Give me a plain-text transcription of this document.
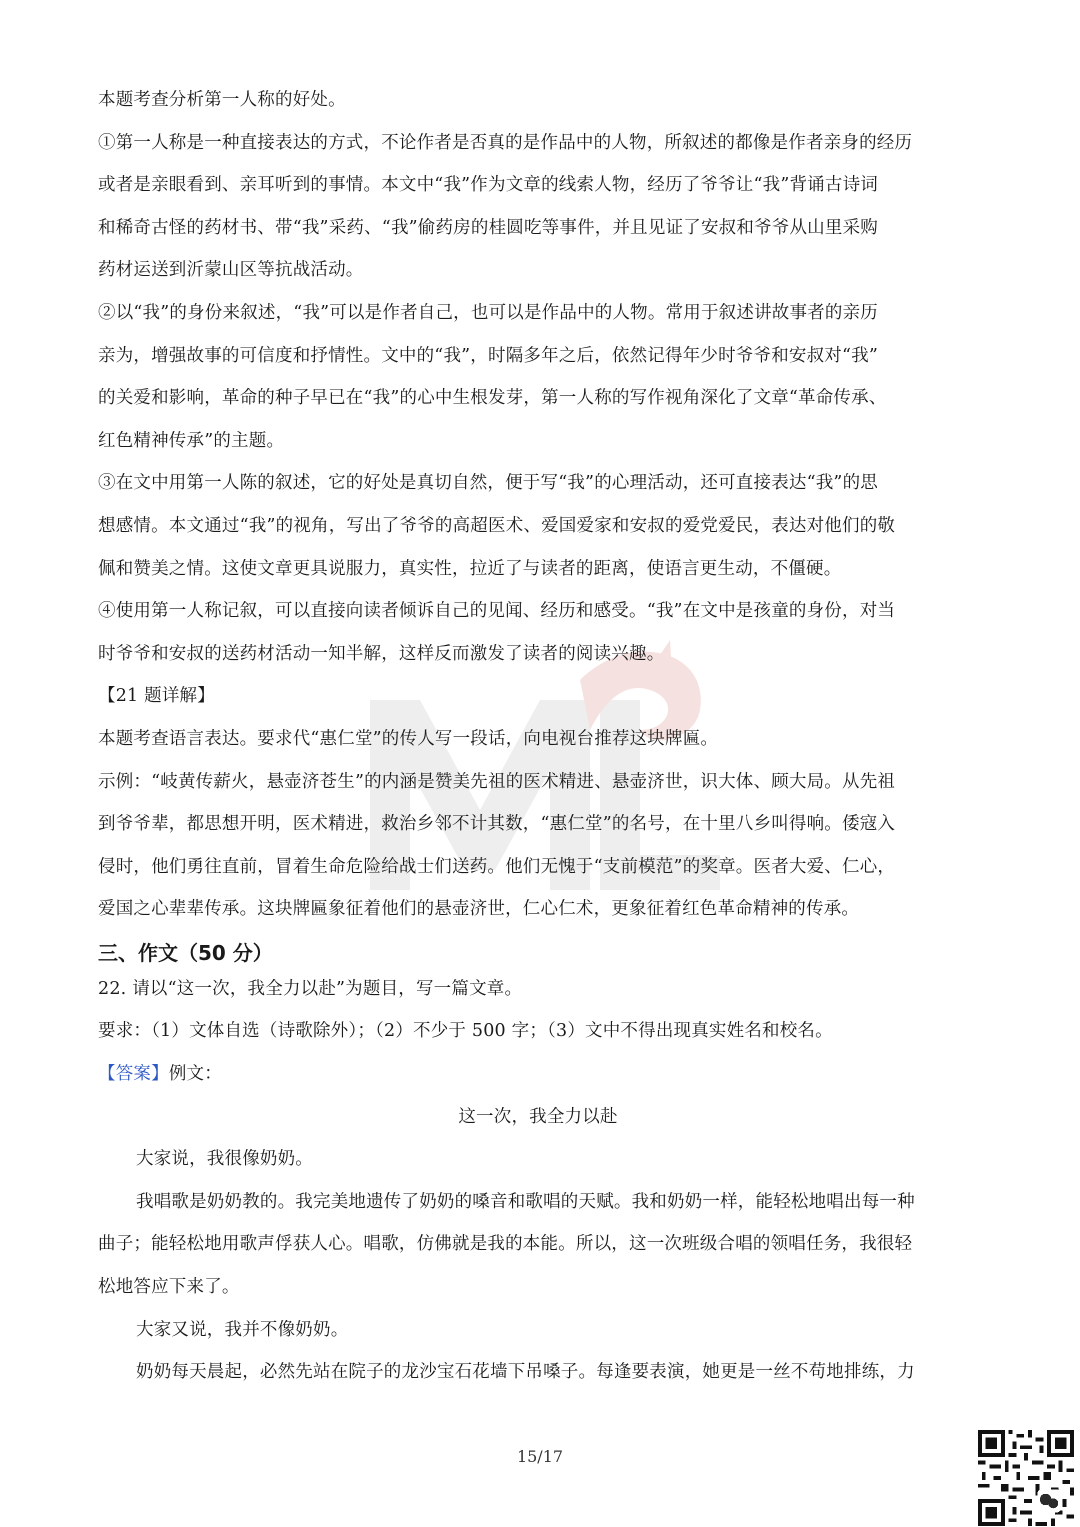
本题考查分析第一人称的好处。
①第一人称是一种直接表达的方式，不论作者是否真的是作品中的人物，所叙述的都像是作者亲身的经历
或者是亲眼看到、亲耳听到的事情。本文中“我”作为文章的线索人物，经历了爷爷让“我”背诵古诗词
和稀奇古怪的药材书、带“我”采药、“我”偷药房的桂圆吃等事件，并且见证了安叔和爷爷从山里采购
药材运送到沂蒙山区等抗战活动。
②以“我”的身份来叙述，“我”可以是作者自己，也可以是作品中的人物。常用于叙述讲故事者的亲历
亲为，增强故事的可信度和抒情性。文中的“我”，时隔多年之后，依然记得年少时爷爷和安叔对“我”
的关爱和影响，革命的种子早已在“我”的心中生根发芽，第一人称的写作视角深化了文章“革命传承、
红色精神传承”的主题。
③在文中用第一人陈的叙述，它的好处是真切自然，便于写“我”的心理活动，还可直接表达“我”的思
想感情。本文通过“我”的视角，写出了爷爷的高超医术、爱国爱家和安叔的爱党爱民，表达对他们的敬
佩和赞美之情。这使文章更具说服力，真实性，拉近了与读者的距离，使语言更生动，不僵硬。
④使用第一人称记叙，可以直接向读者倾诉自己的见闻、经历和感受。“我”在文中是孩童的身份，对当
时爷爷和安叔的送药材活动一知半解，这样反而激发了读者的阅读兴趣。
【21 题详解】
本题考查语言表达。要求代“惠仁堂”的传人写一段话，向电视台推荐这块牌匾。
示例：“岐黄传薪火，悬壶济苍生”的内涵是赞美先祖的医术精进、悬壶济世，识大体、顾大局。从先祖
到爷爷辈，都思想开明，医术精进，救治乡邻不计其数，“惠仁堂”的名号，在十里八乡叫得响。倭寇入
侵时，他们勇往直前，冒着生命危险给战士们送药。他们无愧于“支前模范”的奖章。医者大爱、仁心，
爱国之心辈辈传承。这块牌匾象征着他们的悬壶济世，仁心仁术，更象征着红色革命精神的传承。
三、作文（50 分）
22. 请以“这一次，我全力以赴”为题目，写一篇文章。
要求：（1）文体自选（诗歌除外）；（2）不少于 500 字；（3）文中不得出现真实姓名和校名。
【答案】例文：
这一次，我全力以赴
大家说，我很像奶奶。
我唱歌是奶奶教的。我完美地遗传了奶奶的嗓音和歌唱的天赋。我和奶奶一样，能轻松地唱出每一种
曲子；能轻松地用歌声俘获人心。唱歌，仿佛就是我的本能。所以，这一次班级合唱的领唱任务，我很轻
松地答应下来了。
大家又说，我并不像奶奶。
奶奶每天晨起，必然先站在院子的龙沙宝石花墙下吊嗓子。每逢要表演，她更是一丝不苟地排练，力
15/17
